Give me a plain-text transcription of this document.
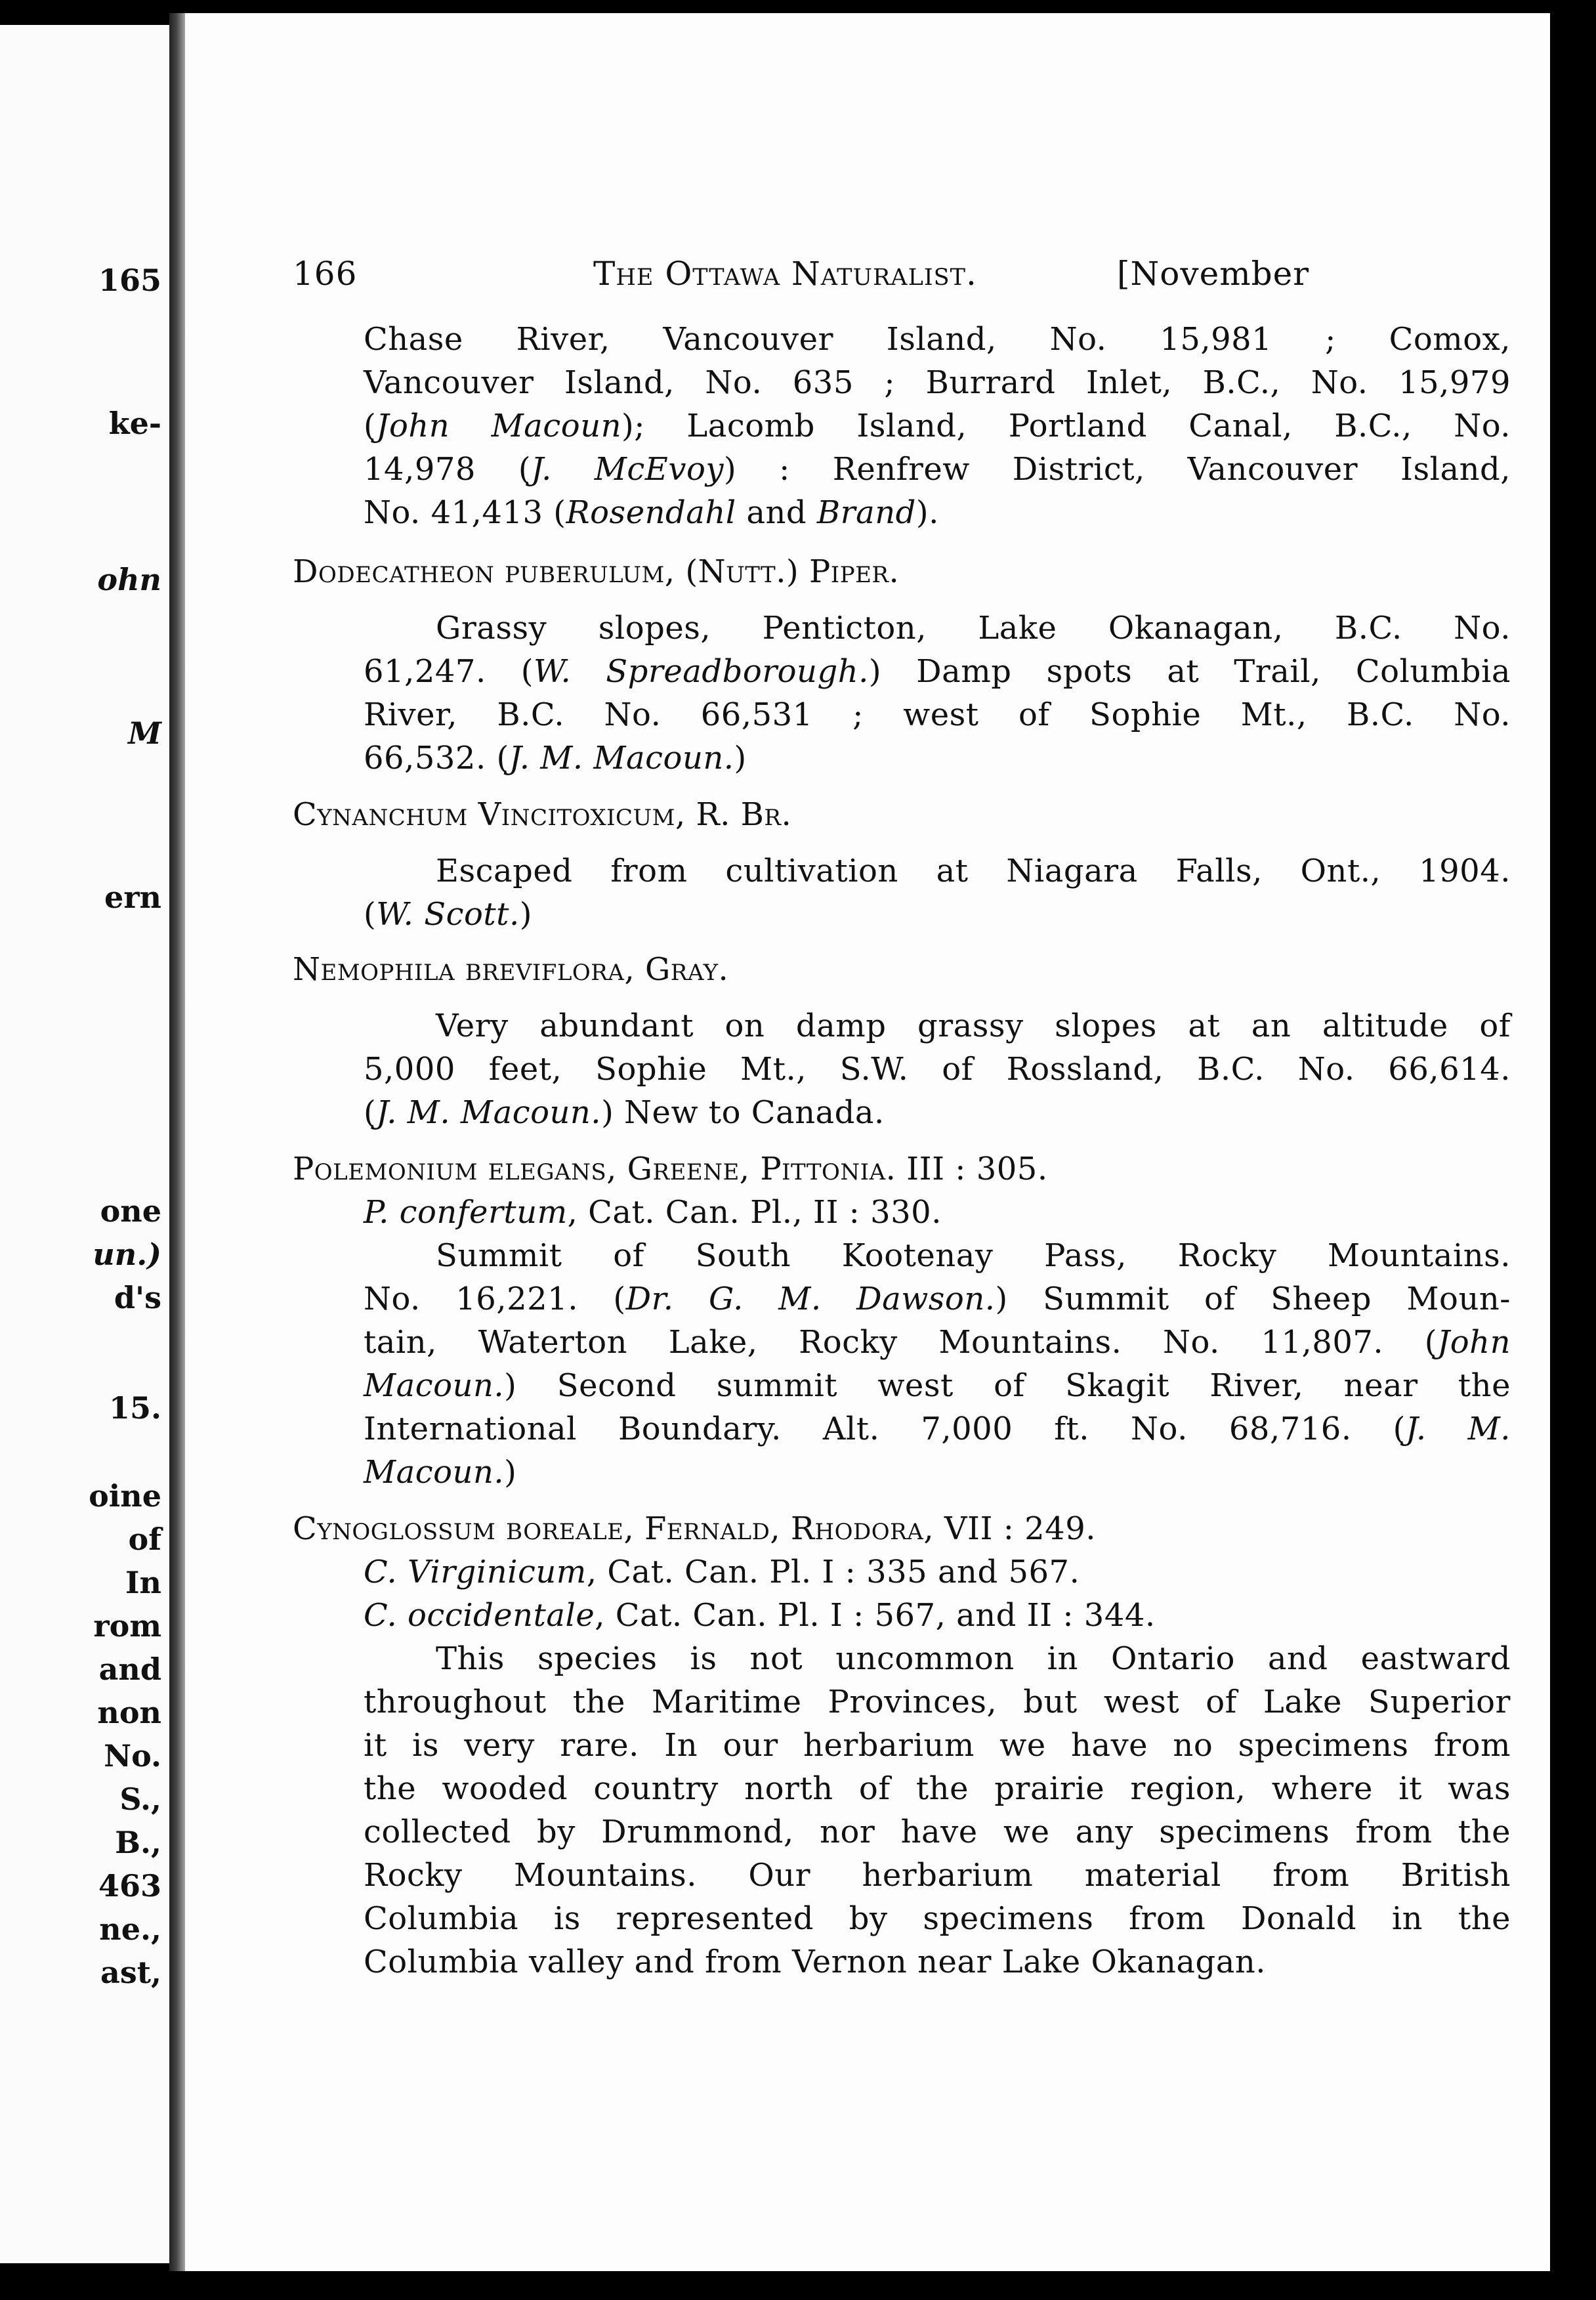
165

ke-

ohn

M

ern

one

un.)

d's

15.

oine

of

In

rom

and

non

No.

S.,

B.,

463

ne.,

ast,

166	The Ottawa Naturalist.	[November

Chase River, Vancouver Island, No. 15,981 ; Comox,

Vancouver Island, No. 635 ; Burrard Inlet, B.C., No. 15,979

(John Macoun); Lacomb Island, Portland Canal, B.C., No.

14,978 (J. McEvoy) : Renfrew District, Vancouver Island,

No. 41,413 (Rosendahl and Brand).

Dodecatheon puberulum, (Nutt.) Piper.

Grassy slopes, Penticton, Lake Okanagan, B.C. No.

61,247. (W. Spreadborough.) Damp spots at Trail, Columbia

River, B.C. No. 66,531 ; west of Sophie Mt., B.C. No.

66,532. (J. M. Macoun.)

Cynanchum Vincitoxicum, R. Br.

Escaped from cultivation at Niagara Falls, Ont., 1904.

(W. Scott.)

Nemophila breviflora, Gray.

Very abundant on damp grassy slopes at an altitude of

5,000 feet, Sophie Mt., S.W. of Rossland, B.C. No. 66,614.

(J. M. Macoun.) New to Canada.

Polemonium elegans, Greene, Pittonia. III : 305.

P. confertum, Cat. Can. Pl., II : 330.

Summit of South Kootenay Pass, Rocky Mountains.

No. 16,221. (Dr. G. M. Dawson.) Summit of Sheep Moun-

tain, Waterton Lake, Rocky Mountains. No. 11,807. (John

Macoun.) Second summit west of Skagit River, near the

International Boundary. Alt. 7,000 ft. No. 68,716. (J. M.

Macoun.)

Cynoglossum boreale, Fernald, Rhodora, VII : 249.

C. Virginicum, Cat. Can. Pl. I : 335 and 567.

C. occidentale, Cat. Can. Pl. I : 567, and II : 344.

This species is not uncommon in Ontario and eastward

throughout the Maritime Provinces, but west of Lake Superior

it is very rare. In our herbarium we have no specimens from

the wooded country north of the prairie region, where it was

collected by Drummond, nor have we any specimens from the

Rocky Mountains. Our herbarium material from British

Columbia is represented by specimens from Donald in the

Columbia valley and from Vernon near Lake Okanagan.
